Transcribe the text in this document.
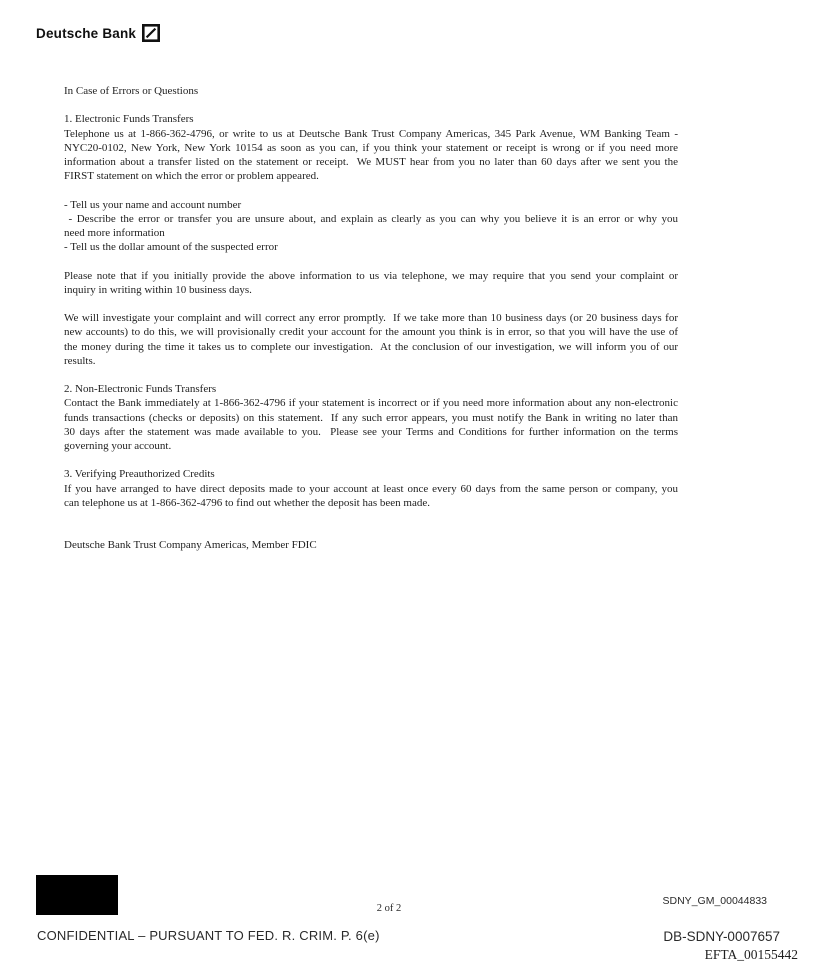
Deutsche Bank
In Case of Errors or Questions
1. Electronic Funds Transfers
Telephone us at 1-866-362-4796, or write to us at Deutsche Bank Trust Company Americas, 345 Park Avenue, WM Banking Team -
NYC20-0102, New York, New York 10154 as soon as you can, if you think your statement or receipt is wrong or if you need more
information about a transfer listed on the statement or receipt.  We MUST hear from you no later than 60 days after we sent you the
FIRST statement on which the error or problem appeared.
- Tell us your name and account number
- Describe the error or transfer you are unsure about, and explain as clearly as you can why you believe it is an error or why you
need more information
- Tell us the dollar amount of the suspected error
Please note that if you initially provide the above information to us via telephone, we may require that you send your complaint or
inquiry in writing within 10 business days.
We will investigate your complaint and will correct any error promptly.  If we take more than 10 business days (or 20 business days for
new accounts) to do this, we will provisionally credit your account for the amount you think is in error, so that you will have the use of
the money during the time it takes us to complete our investigation.  At the conclusion of our investigation, we will inform you of our
results.
2. Non-Electronic Funds Transfers
Contact the Bank immediately at 1-866-362-4796 if your statement is incorrect or if you need more information about any non-electronic
funds transactions (checks or deposits) on this statement.  If any such error appears, you must notify the Bank in writing no later than
30 days after the statement was made available to you.  Please see your Terms and Conditions for further information on the terms
governing your account.
3. Verifying Preauthorized Credits
If you have arranged to have direct deposits made to your account at least once every 60 days from the same person or company, you
can telephone us at 1-866-362-4796 to find out whether the deposit has been made.
Deutsche Bank Trust Company Americas, Member FDIC
2 of 2
SDNY_GM_00044833
CONFIDENTIAL – PURSUANT TO FED. R. CRIM. P. 6(e)	DB-SDNY-0007657
EFTA_00155442
